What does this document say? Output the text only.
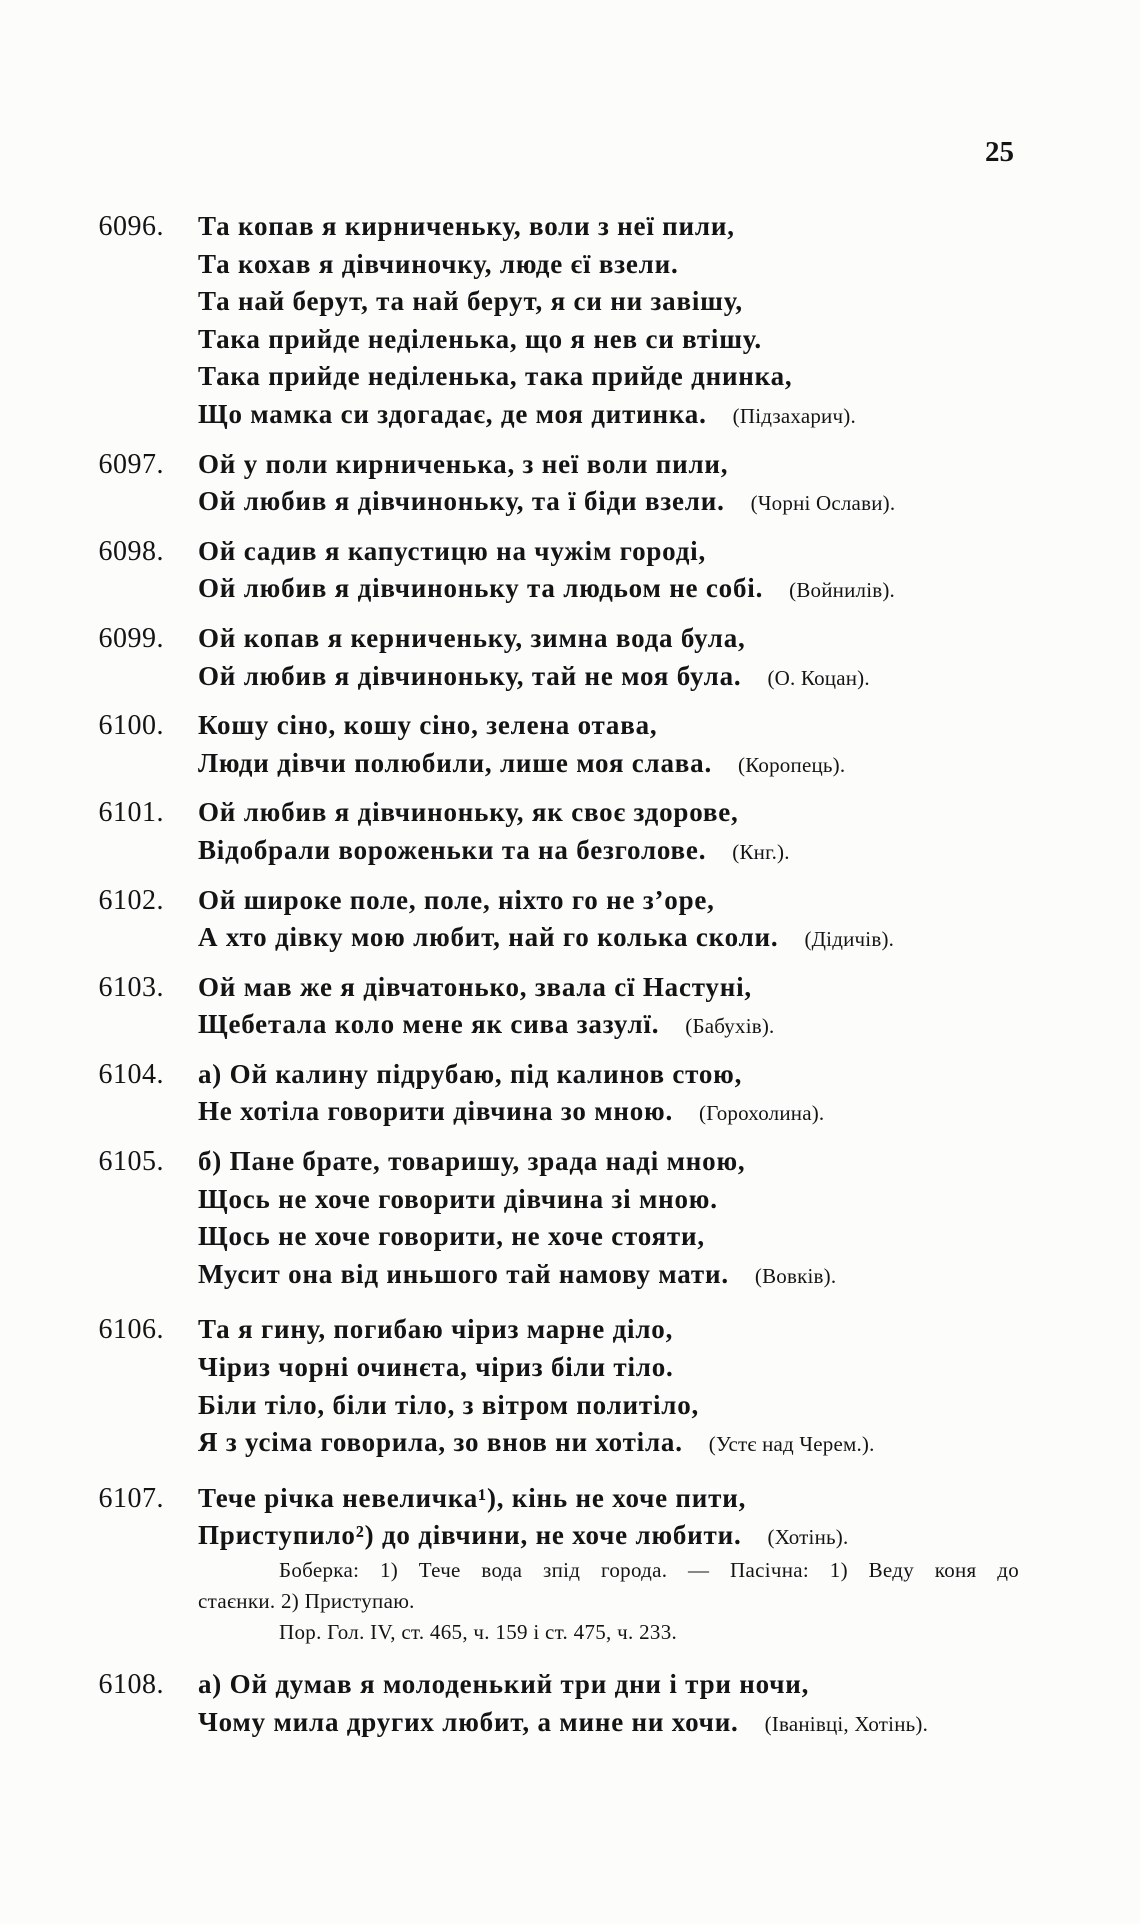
25
6096. Та копав я кирниченьку, воли з неї пили,
Та кохав я дівчиночку, люде єї взели.
Та най берут, та най берут, я си ни завішу,
Така прийде неділенька, що я нев си втішу.
Така прийде неділенька, така прийде днинка,
Що мамка си здогадає, де моя дитинка. (Підзахарич).
6097. Ой у поли кирниченька, з неї воли пили,
Ой любив я дівчиноньку, та ї біди взели. (Чорні Ослави).
6098. Ой садив я капустицю на чужім городі,
Ой любив я дівчиноньку та людьом не собі. (Войнилів).
6099. Ой копав я керниченьку, зимна вода була,
Ой любив я дівчиноньку, тай не моя була. (О. Коцан).
6100. Кошу сіно, кошу сіно, зелена отава,
Люди дівчи полюбили, лише моя слава. (Коропець).
6101. Ой любив я дівчиноньку, як своє здорове,
Відобрали вороженьки та на безголове. (Кнг.).
6102. Ой широке поле, поле, ніхто го не з’оре,
А хто дівку мою любит, най го колька сколи. (Дідичів).
6103. Ой мав же я дівчатонько, звала сї Настуні,
Щебетала коло мене як сива зазулї. (Бабухів).
6104. а) Ой калину підрубаю, під калинов стою,
Не хотіла говорити дівчина зо мною. (Горохолина).
6105. б) Пане брате, товаришу, зрада наді мною,
Щось не хоче говорити дівчина зі мною.
Щось не хоче говорити, не хоче стояти,
Мусит она від иньшого тай намову мати. (Вовків).
6106. Та я гину, погибаю чіриз марне діло,
Чіриз чорні очинєта, чіриз біли тіло.
Біли тіло, біли тіло, з вітром политіло,
Я з усіма говорила, зо внов ни хотіла. (Устє над Черем.).
6107. Тече річка невеличка¹), кінь не хоче пити,
Приступило²) до дівчини, не хоче любити. (Хотінь).
Боберка: 1) Тече вода зпід города. — Пасічна: 1) Веду коня до
стаєнки. 2) Приступаю.
Пор. Гол. IV, ст. 465, ч. 159 і ст. 475, ч. 233.
6108. а) Ой думав я молоденький три дни і три ночи,
Чому мила других любит, а мине ни хочи. (Іванівці, Хотінь).
